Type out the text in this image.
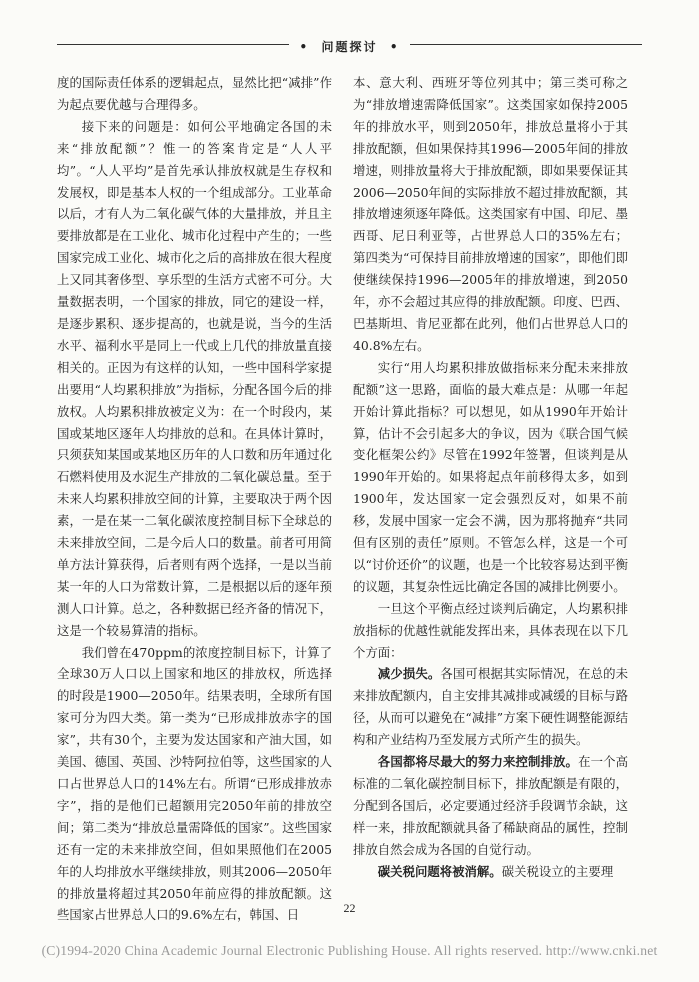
•  问题探讨  •

度的国际责任体系的逻辑起点，显然比把“减排”作为起点要优越与合理得多。

接下来的问题是：如何公平地确定各国的未来“排放配额”？惟一的答案肯定是“人人平均”。“人人平均”是首先承认排放权就是生存权和发展权，即是基本人权的一个组成部分。工业革命以后，才有人为二氧化碳气体的大量排放，并且主要排放都是在工业化、城市化过程中产生的；一些国家完成工业化、城市化之后的高排放在很大程度上又同其奢侈型、享乐型的生活方式密不可分。大量数据表明，一个国家的排放，同它的建设一样，是逐步累积、逐步提高的，也就是说，当今的生活水平、福利水平是同上一代或上几代的排放量直接相关的。正因为有这样的认知，一些中国科学家提出要用“人均累积排放”为指标，分配各国今后的排放权。人均累积排放被定义为：在一个时段内，某国或某地区逐年人均排放的总和。在具体计算时，只须获知某国或某地区历年的人口数和历年通过化石燃料使用及水泥生产排放的二氧化碳总量。至于未来人均累积排放空间的计算，主要取决于两个因素，一是在某一二氧化碳浓度控制目标下全球总的未来排放空间，二是今后人口的数量。前者可用简单方法计算获得，后者则有两个选择，一是以当前某一年的人口为常数计算，二是根据以后的逐年预测人口计算。总之，各种数据已经齐备的情况下，这是一个较易算清的指标。

我们曾在470ppm的浓度控制目标下，计算了全球30万人口以上国家和地区的排放权，所选择的时段是1900—2050年。结果表明，全球所有国家可分为四大类。第一类为“已形成排放赤字的国家”，共有30个，主要为发达国家和产油大国，如美国、德国、英国、沙特阿拉伯等，这些国家的人口占世界总人口的14%左右。所谓“已形成排放赤字”，指的是他们已超额用完2050年前的排放空间；第二类为“排放总量需降低的国家”。这些国家还有一定的未来排放空间，但如果照他们在2005年的人均排放水平继续排放，则其2006—2050年的排放量将超过其2050年前应得的排放配额。这些国家占世界总人口的9.6%左右，韩国、日

本、意大利、西班牙等位列其中；第三类可称之为“排放增速需降低国家”。这类国家如保持2005年的排放水平，则到2050年，排放总量将小于其排放配额，但如果保持其1996—2005年间的排放增速，则排放量将大于排放配额，即如果要保证其2006—2050年间的实际排放不超过排放配额，其排放增速须逐年降低。这类国家有中国、印尼、墨西哥、尼日利亚等，占世界总人口的35%左右；第四类为“可保持目前排放增速的国家”，即他们即使继续保持1996—2005年的排放增速，到2050年，亦不会超过其应得的排放配额。印度、巴西、巴基斯坦、肯尼亚都在此列，他们占世界总人口的40.8%左右。

实行“用人均累积排放做指标来分配未来排放配额”这一思路，面临的最大难点是：从哪一年起开始计算此指标？可以想见，如从1990年开始计算，估计不会引起多大的争议，因为《联合国气候变化框架公约》尽管在1992年签署，但谈判是从1990年开始的。如果将起点年前移得太多，如到1900年，发达国家一定会强烈反对，如果不前移，发展中国家一定会不满，因为那将抛弃“共同但有区别的责任”原则。不管怎么样，这是一个可以“讨价还价”的议题，也是一个比较容易达到平衡的议题，其复杂性远比确定各国的减排比例要小。

一旦这个平衡点经过谈判后确定，人均累积排放指标的优越性就能发挥出来，具体表现在以下几个方面：

减少损失。各国可根据其实际情况，在总的未来排放配额内，自主安排其减排或减缓的目标与路径，从而可以避免在“减排”方案下硬性调整能源结构和产业结构乃至发展方式所产生的损失。

各国都将尽最大的努力来控制排放。在一个高标准的二氧化碳控制目标下，排放配额是有限的，分配到各国后，必定要通过经济手段调节余缺，这样一来，排放配额就具备了稀缺商品的属性，控制排放自然会成为各国的自觉行动。

碳关税问题将被消解。碳关税设立的主要理

22
(C)1994-2020 China Academic Journal Electronic Publishing House. All rights reserved. http://www.cnki.net
